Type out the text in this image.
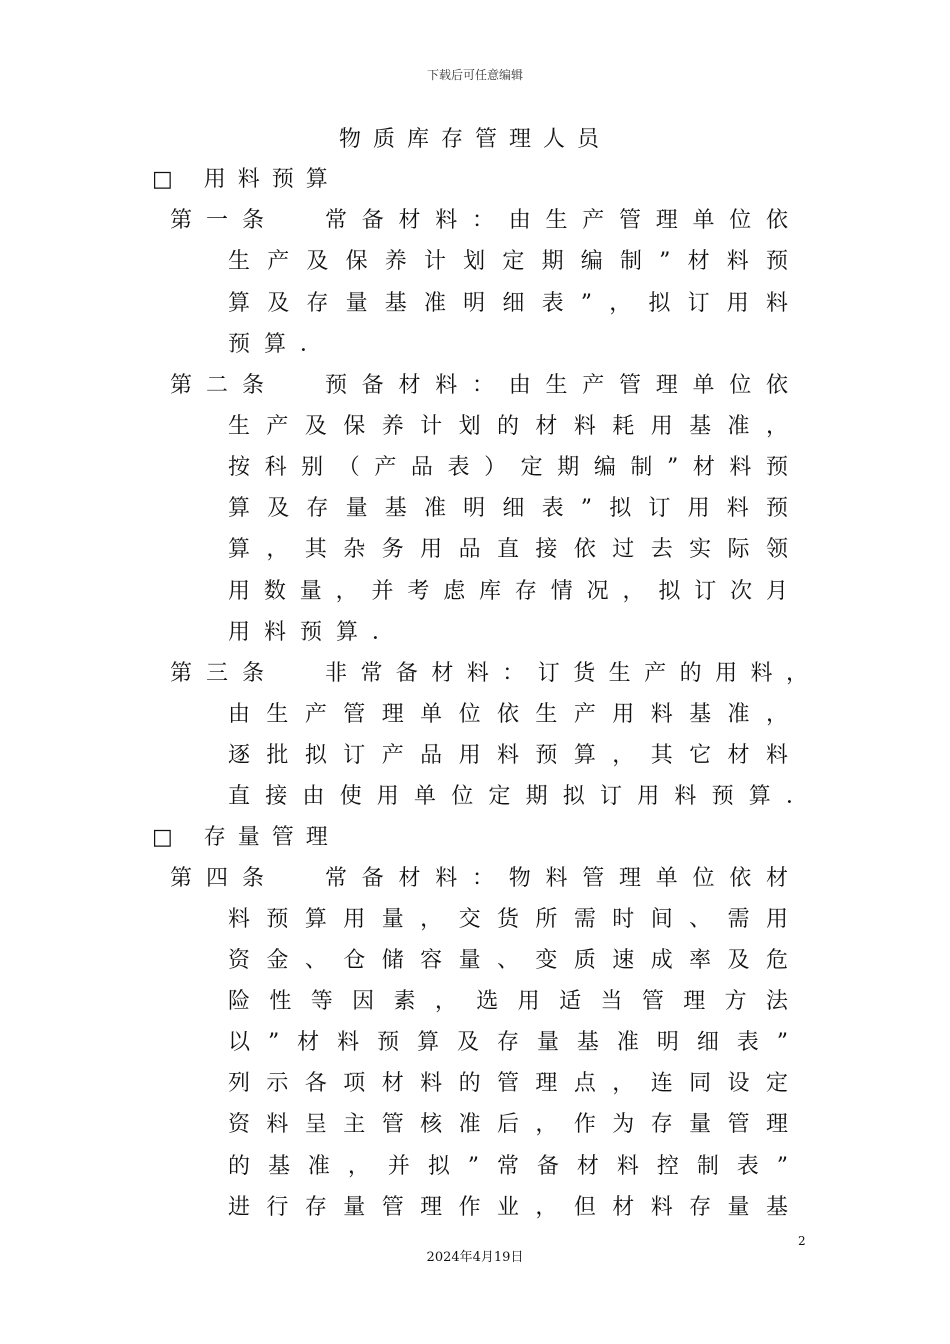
下载后可任意编辑
物质库存管理人员
□ 用料预算
第一条 常备材料：由生产管理单位依
生产及保养计划定期编制”材料预
算及存量基准明细表”，拟订用料
预算．
第二条 预备材料：由生产管理单位依
生产及保养计划的材料耗用基准，
按科别（产品表）定期编制”材料预
算及存量基准明细表”拟订用料预
算，其杂务用品直接依过去实际领
用数量，并考虑库存情况，拟订次月
用料预算．
第三条 非常备材料：订货生产的用料，
由生产管理单位依生产用料基准，
逐批拟订产品用料预算，其它材料
直接由使用单位定期拟订用料预算．
□ 存量管理
第四条 常备材料：物料管理单位依材
料预算用量，交货所需时间、需用
资金、仓储容量、变质速成率及危
险性等因素，选用适当管理方法
以”材料预算及存量基准明细表”
列示各项材料的管理点，连同设定
资料呈主管核准后，作为存量管理
的基准，并拟”常备材料控制表”
进行存量管理作业，但材料存量基
2
2024年4月19日
